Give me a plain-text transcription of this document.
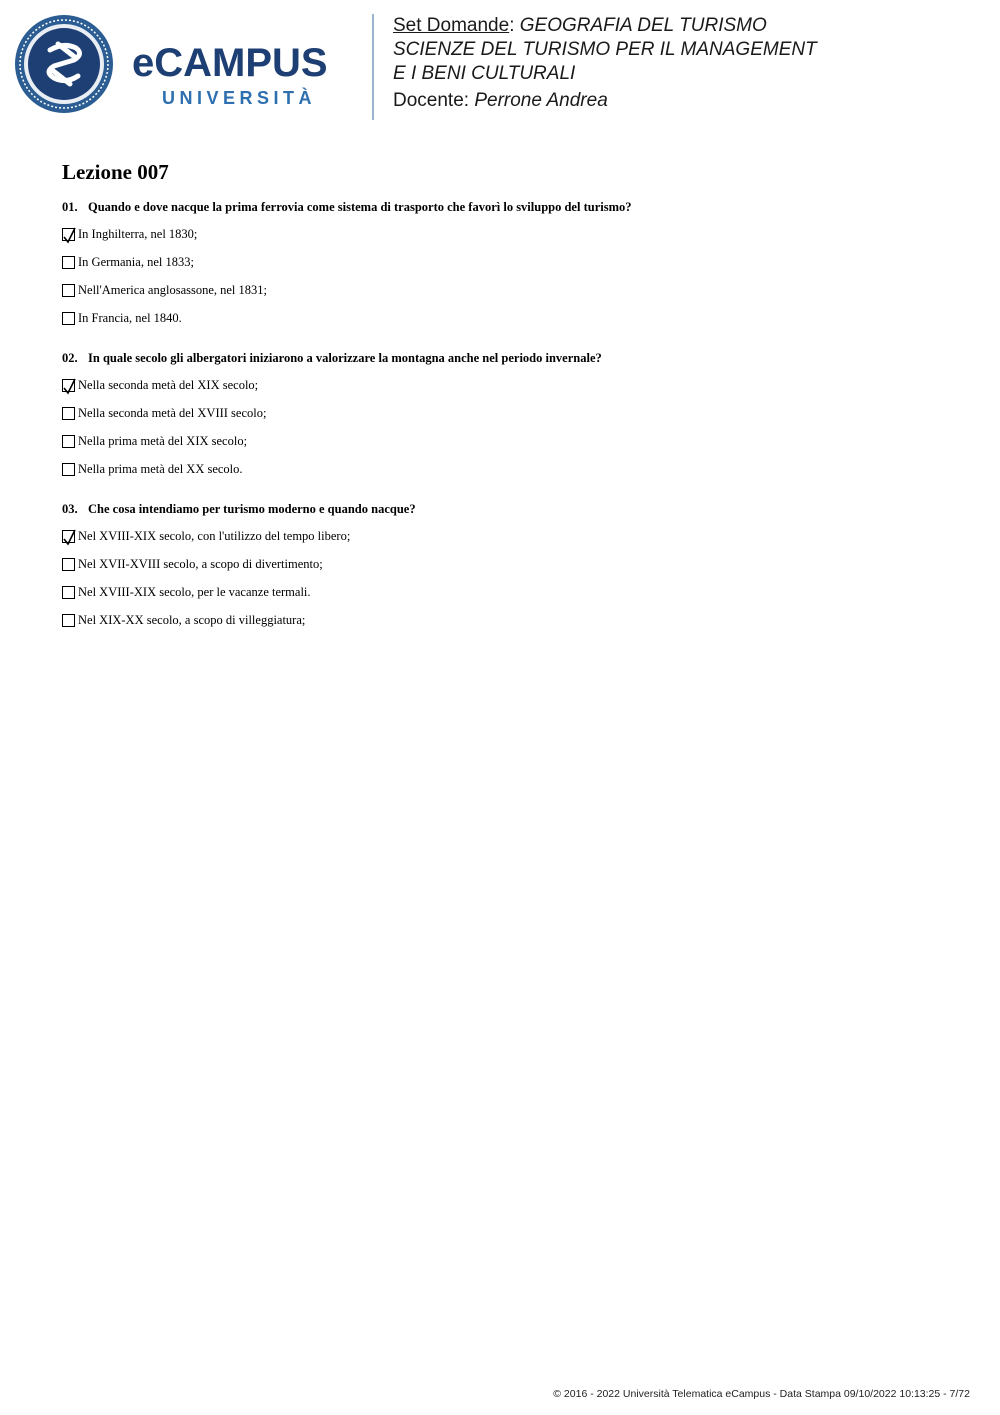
eCAMPUS
UNIVERSITÀ
Set Domande: GEOGRAFIA DEL TURISMO
SCIENZE DEL TURISMO PER IL MANAGEMENT
E I BENI CULTURALI
Docente: Perrone Andrea
Lezione 007
01. Quando e dove nacque la prima ferrovia come sistema di trasporto che favorì lo sviluppo del turismo?
In Inghilterra, nel 1830;
In Germania, nel 1833;
Nell'America anglosassone, nel 1831;
In Francia, nel 1840.
02. In quale secolo gli albergatori iniziarono a valorizzare la montagna anche nel periodo invernale?
Nella seconda metà del XIX secolo;
Nella seconda metà del XVIII secolo;
Nella prima metà del XIX secolo;
Nella prima metà del XX secolo.
03. Che cosa intendiamo per turismo moderno e quando nacque?
Nel XVIII-XIX secolo, con l'utilizzo del tempo libero;
Nel XVII-XVIII secolo, a scopo di divertimento;
Nel XVIII-XIX secolo, per le vacanze termali.
Nel XIX-XX secolo, a scopo di villeggiatura;
© 2016 - 2022 Università Telematica eCampus - Data Stampa 09/10/2022 10:13:25 - 7/72
